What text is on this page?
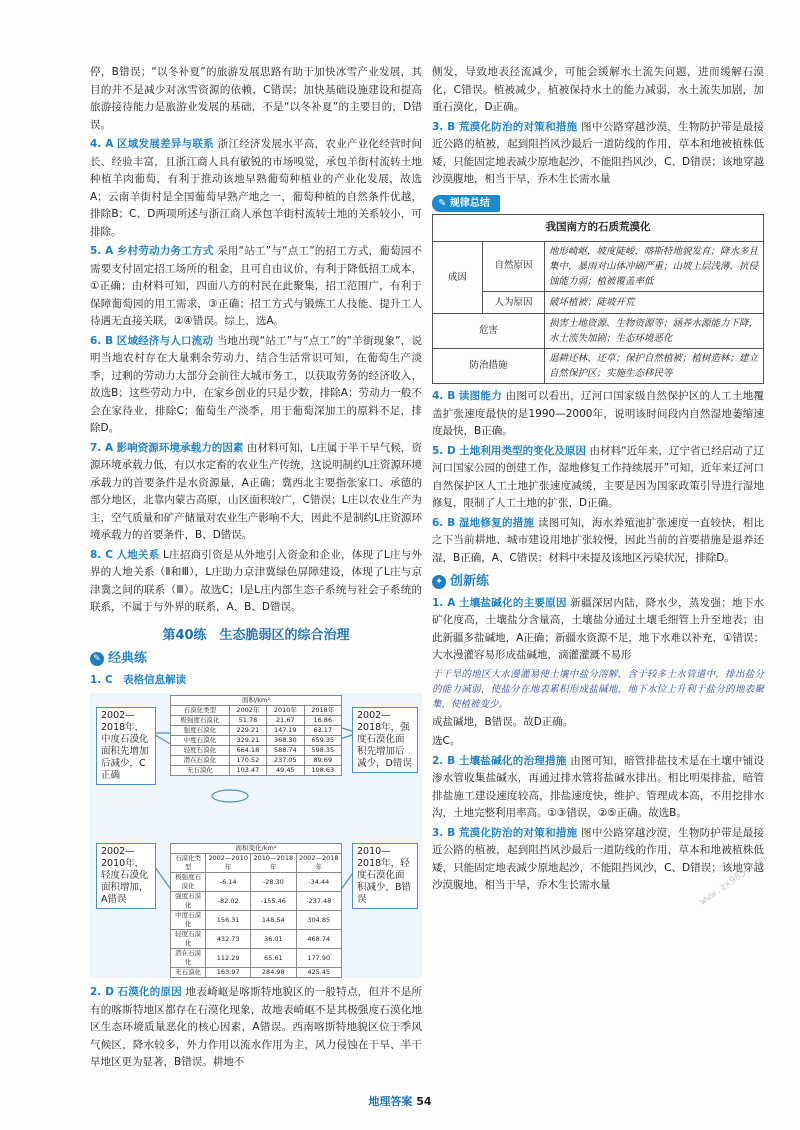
停，B错误；“以冬补夏”的旅游发展思路有助于加快冰雪产业发展，其目的并不是减少对冰雪资源的依赖，C错误；加快基础设施建设和提高旅游接待能力是旅游业发展的基础，不是“以冬补夏”的主要目的，D错误。

4. A 区域发展差异与联系 浙江经济发展水平高，农业产业化经营时间长、经验丰富，且浙江商人具有敏锐的市场嗅觉，承包羊街村流转土地种植羊肉葡萄，有利于推动该地早熟葡萄种植业的产业化发展，故选A；云南羊街村是全国葡萄早熟产地之一，葡萄种植的自然条件优越，排除B；C、D两项所述与浙江商人承包羊街村流转土地的关系较小，可排除。

5. A 乡村劳动力务工方式 采用“站工”与“点工”的招工方式，葡萄园不需要支付固定招工场所的租金，且可自由议价，有利于降低招工成本，①正确；由材料可知，四面八方的村民在此聚集，招工范围广，有利于保障葡萄园的用工需求，③正确；招工方式与锻炼工人技能、提升工人待遇无直接关联，②④错误。综上，选A。

6. B 区域经济与人口流动 当地出现“站工”与“点工”的“羊街现象”，说明当地农村存在大量剩余劳动力，结合生活常识可知，在葡萄生产淡季，过剩的劳动力大部分会前往大城市务工，以获取劳务的经济收入，故选B；这些劳动力中，在家乡创业的只是少数，排除A；劳动力一般不会在家待业，排除C；葡萄生产淡季，用于葡萄深加工的原料不足，排除D。

7. A 影响资源环境承载力的因素 由材料可知，L庄属于半干旱气候，资源环境承载力低，有以水定畜的农业生产传统，这说明制约L庄资源环境承载力的首要条件是水资源量，A正确；冀西北主要指张家口、承德的部分地区，北靠内蒙古高原，山区面积较广，C错误；L庄以农业生产为主，空气质量和矿产储量对农业生产影响不大，因此不是制约L庄资源环境承载力的首要条件，B、D错误。

8. C 人地关系 L庄招商引资是从外地引入资金和企业，体现了L庄与外界的人地关系（Ⅱ和Ⅲ），L庄助力京津冀绿色屏障建设，体现了L庄与京津冀之间的联系（Ⅲ）。故选C；Ⅰ是L庄内部生态子系统与社会子系统的联系，不属于与外界的联系，A、B、D错误。

第40练　生态脆弱区的综合治理
✎ 经典练
1. C　表格信息解读
面积/km²			
石漠化类型	2002年	2010年	2018年
极强度石漠化	51.78	21.67	16.86
强度石漠化	229.21	147.19	63.17
中度石漠化	329.21	368.30	659.35
轻度石漠化	664.18	588.74	598.35
潜在石漠化	170.52	237.05	89.69
无石漠化	103.47	49.45	108.63
面积变化/km²			
石漠化类型	2002—2010年	2010—2018年	2002—2018年
极强度石漠化	-6.14	-28.30	-34.44
强度石漠化	-82.02	-155.46	-237.48
中度石漠化	156.31	148.54	304.85
轻度石漠化	432.73	36.01	468.74
潜在石漠化	112.29	65.61	177.90
无石漠化	163.97	284.98	425.45
2002—2018年，中度石漠化面积先增加后减少，C正确
2002—2018年，强度石漠化面积先增加后减少，D错误
2002—2010年，轻度石漠化面积增加，A错误
2010—2018年，轻度石漠化面积减少，B错误

2. D 石漠化的原因 地表崎岖是喀斯特地貌区的一般特点，但并不是所有的喀斯特地区都存在石漠化现象，故地表崎岖不是其极强度石漠化地区生态环境质量恶化的核心因素，A错误。西南喀斯特地貌区位于季风气候区，降水较多，外力作用以流水作用为主，风力侵蚀在干旱、半干旱地区更为显著，B错误。耕地不

侧发，导致地表径流减少，可能会缓解水土流失问题，进而缓解石漠化，C错误。植被减少，植被保持水土的能力减弱，水土流失加剧，加重石漠化，D正确。

3. B 荒漠化防治的对策和措施 图中公路穿越沙漠，生物防护带是最接近公路的植被，起到阻挡风沙最后一道防线的作用，草本和地被植株低矮，只能固定地表减少原地起沙，不能阻挡风沙，C、D错误；该地穿越沙漠腹地，相当干旱，乔木生长需水量

✎ 规律总结
我国南方的石质荒漠化		
成因	自然原因	地形崎岖，坡度陡峻，喀斯特地貌发育；降水多且集中，暴雨对山体冲刷严重；山坡上层浅薄，抗侵蚀能力弱；植被覆盖率低
	人为原因	破坏植被；陡坡开荒
危害		损害土地资源、生物资源等；涵养水源能力下降，水土流失加剧；生态环境恶化
防治措施		退耕还林、还草；保护自然植被；植树造林；建立自然保护区；实施生态移民等

4. B 读图能力 由图可以看出，辽河口国家级自然保护区的人工土地覆盖扩张速度最快的是1990—2000年，说明该时间段内自然湿地萎缩速度最快，B正确。

5. D 土地利用类型的变化及原因 由材料“近年来，辽宁省已经启动了辽河口国家公园的创建工作，湿地修复工作持续展开”可知，近年来辽河口自然保护区人工土地扩张速度减缓，主要是因为国家政策引导进行湿地修复，限制了人工土地的扩张，D正确。

6. B 湿地修复的措施 读图可知，海水养殖池扩张速度一直较快，相比之下当前耕地、城市建设用地扩张较慢，因此当前的首要措施是退养还湿，B正确，A、C错误；材料中未提及该地区污染状况，排除D。

✦ 创新练

1. A 土壤盐碱化的主要原因 新疆深居内陆，降水少，蒸发强；地下水矿化度高，土壤盐分含量高，土壤盐分通过土壤毛细管上升至地表；由此新疆多盐碱地，A正确；新疆水资源不足，地下水难以补充，①错误；大水漫灌容易形成盐碱地，滴灌灌溉不易形

于干旱的地区大水漫灌易使土壤中盐分溶解，含于较多土水管道中，排出盐分的能力减弱，使盐分在地表累积形成盐碱地，地下水位上升利于盐分的地表聚集，使植被变少。

成盐碱地，B错误。故D正确。

选C。

2. B 土壤盐碱化的治理措施 由图可知，暗管排盐技术是在土壤中铺设渗水管收集盐碱水，再通过排水管将盐碱水排出。相比明渠排盐，暗管排盐施工建设速度较高，排盐速度快，维护、管理成本高，不用挖排水沟，土地完整利用率高。①③错误，②⑤正确。故选B。

3. B 荒漠化防治的对策和措施 图中公路穿越沙漠，生物防护带是最接近公路的植被，起到阻挡风沙最后一道防线的作用，草本和地被植株低矮，只能固定地表减少原地起沙，不能阻挡风沙，C、D错误；该地穿越沙漠腹地，相当干旱，乔木生长需水量	www.zx985.com
地理答案 54
